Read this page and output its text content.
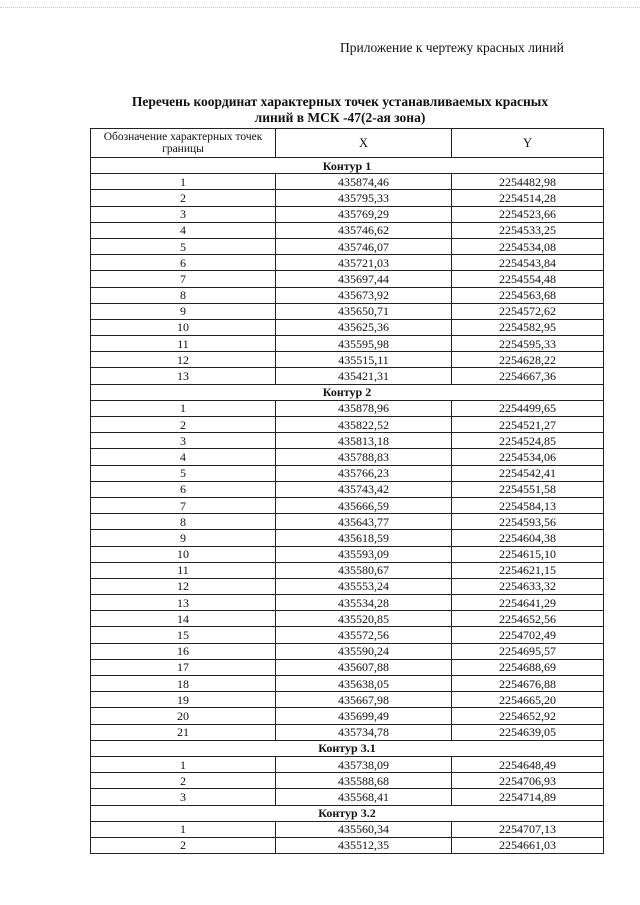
Приложение к чертежу красных линий
Перечень координат характерных точек устанавливаемых красных
линий в МСК -47(2-ая зона)
Обозначение характерных точек границы	X	Y
Контур 1		
1	435874,46	2254482,98
2	435795,33	2254514,28
3	435769,29	2254523,66
4	435746,62	2254533,25
5	435746,07	2254534,08
6	435721,03	2254543,84
7	435697,44	2254554,48
8	435673,92	2254563,68
9	435650,71	2254572,62
10	435625,36	2254582,95
11	435595,98	2254595,33
12	435515,11	2254628,22
13	435421,31	2254667,36
Контур 2		
1	435878,96	2254499,65
2	435822,52	2254521,27
3	435813,18	2254524,85
4	435788,83	2254534,06
5	435766,23	2254542,41
6	435743,42	2254551,58
7	435666,59	2254584,13
8	435643,77	2254593,56
9	435618,59	2254604,38
10	435593,09	2254615,10
11	435580,67	2254621,15
12	435553,24	2254633,32
13	435534,28	2254641,29
14	435520,85	2254652,56
15	435572,56	2254702,49
16	435590,24	2254695,57
17	435607,88	2254688,69
18	435638,05	2254676,88
19	435667,98	2254665,20
20	435699,49	2254652,92
21	435734,78	2254639,05
Контур 3.1		
1	435738,09	2254648,49
2	435588,68	2254706,93
3	435568,41	2254714,89
Контур 3.2		
1	435560,34	2254707,13
2	435512,35	2254661,03
